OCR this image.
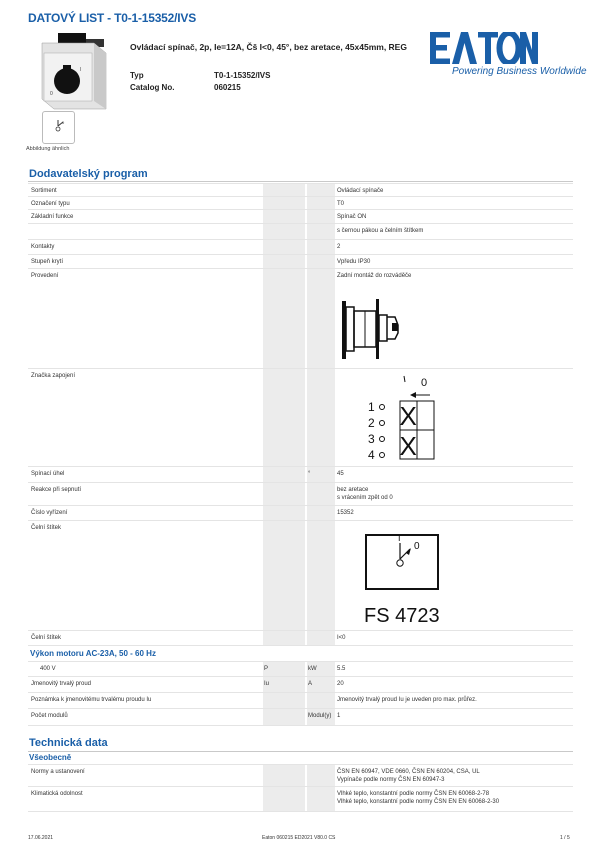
DATOVÝ LIST - T0-1-15352/IVS
0
I
0
Abbildung ähnlich
Ovládací spínač, 2p, Ie=12A, Čš I<0, 45°, bez aretace, 45x45mm, REG
Typ	T0-1-15352/IVS
Catalog No.	060215
Powering Business Worldwide
Dodavatelský program
Sortiment	Ovládací spínače
Označení typu	T0
Základní funkce	Spínač ON
s černou pákou a čelním štítkem
Kontakty	2
Stupeň krytí	Vpředu IP30
Provedení	Zadní montáž do rozváděče
Značka zapojení
0
X
X
1
2
3
4
Spínací úhel	°	45
Reakce při sepnutí	bez aretace
s vrácením zpět od 0
Číslo vyřízení	15352
Čelní štítek
I
0
FS 4723
Čelní štítek	I<0
Výkon motoru AC-23A, 50 - 60 Hz
400 V	P	kW	5.5
Jmenovitý trvalý proud	Iu	A	20
Poznámka k jmenovitému trvalému proudu Iu	Jmenovitý trvalý proud Iu je uveden pro max. průřez.
Počet modulů	Modul(y) 1
Technická data
Všeobecně
Normy a ustanovení	ČSN EN 60947, VDE 0660, ČSN EN 60204, CSA, UL
Vypínače podle normy ČSN EN 60947-3
Klimatická odolnost	Vlhké teplo, konstantní podle normy ČSN EN 60068-2-78
Vlhké teplo, konstantní podle normy ČSN EN EN 60068-2-30
17.06.2021	Eaton 060215 ED2021 V80.0 CS	1 / 5
